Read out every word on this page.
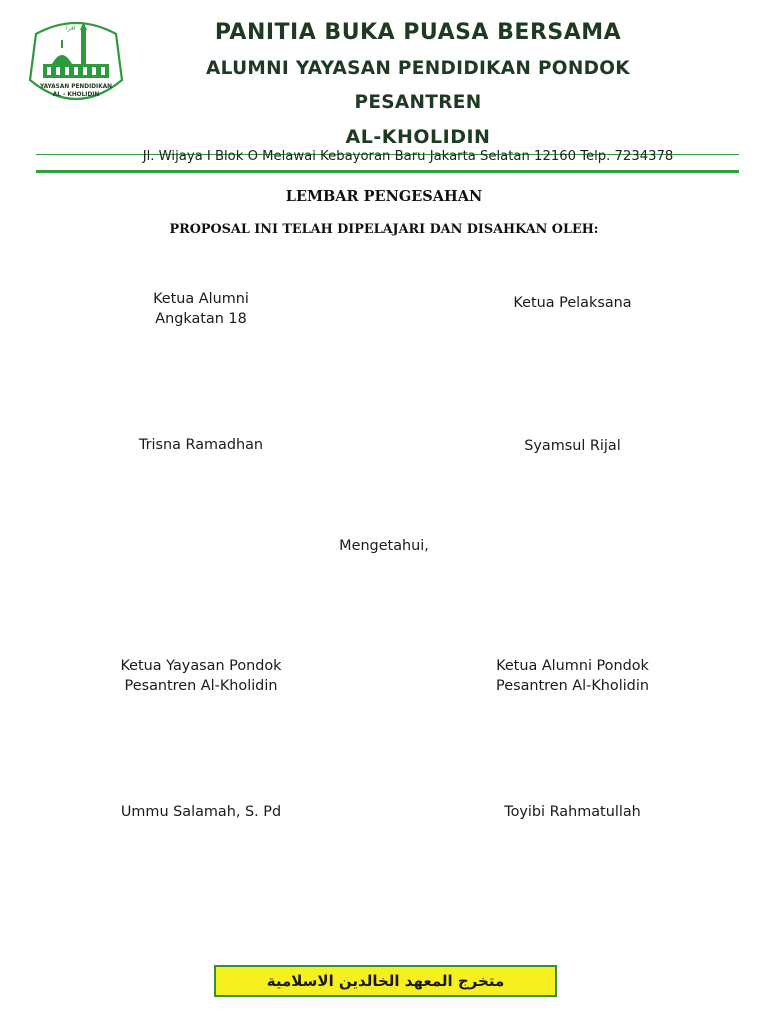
اقرأ
YAYASAN PENDIDIKAN
AL - KHOLIDIN
PANITIA BUKA PUASA BERSAMA
ALUMNI YAYASAN PENDIDIKAN PONDOK
PESANTREN
AL-KHOLIDIN
Jl. Wijaya I Blok O Melawai Kebayoran Baru Jakarta Selatan 12160 Telp. 7234378
LEMBAR PENGESAHAN
PROPOSAL INI TELAH DIPELAJARI DAN DISAHKAN OLEH:
Ketua Alumni
Angkatan 18
Ketua Pelaksana
Trisna Ramadhan	Syamsul Rijal
Mengetahui,
Ketua Yayasan Pondok
Pesantren Al-Kholidin
Ketua Alumni Pondok
Pesantren Al-Kholidin
Ummu Salamah, S. Pd	Toyibi Rahmatullah
متخرج المعهد الخالدين الاسلامية
